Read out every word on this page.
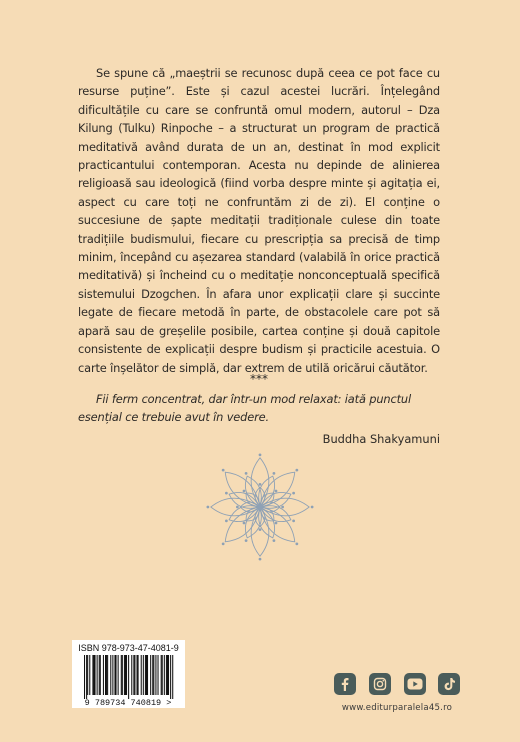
Se spune că „maeștrii se recunosc după ceea ce pot face cu resurse puține”. Este și cazul acestei lucrări. Înțelegând dificultățile cu care se confruntă omul modern, autorul – Dza Kilung (Tulku) Rinpoche – a structurat un program de practică meditativă având durata de un an, destinat în mod explicit practicantului contemporan. Acesta nu depinde de alinierea religioasă sau ideologică (fiind vorba despre minte și agitația ei, aspect cu care toți ne confruntăm zi de zi). El conține o succesiune de șapte meditații tradiționale culese din toate tradițiile budismului, fiecare cu prescripția sa precisă de timp minim, începând cu așezarea standard (valabilă în orice practică meditativă) și încheind cu o meditație nonconceptuală specifică sistemului Dzogchen. În afara unor explicații clare și succinte legate de fiecare metodă în parte, de obstacolele care pot să apară sau de greșelile posibile, cartea conține și două capitole consistente de explicații despre budism și practicile acestuia. O carte înșelător de simplă, dar extrem de utilă oricărui căutător.

***
Fii ferm concentrat, dar într-un mod relaxat: iată punctul esențial ce trebuie avut în vedere.
Buddha Shakyamuni
ISBN 978-973-47-4081-9
9 789734 740819 >	www.editurparalela45.ro
